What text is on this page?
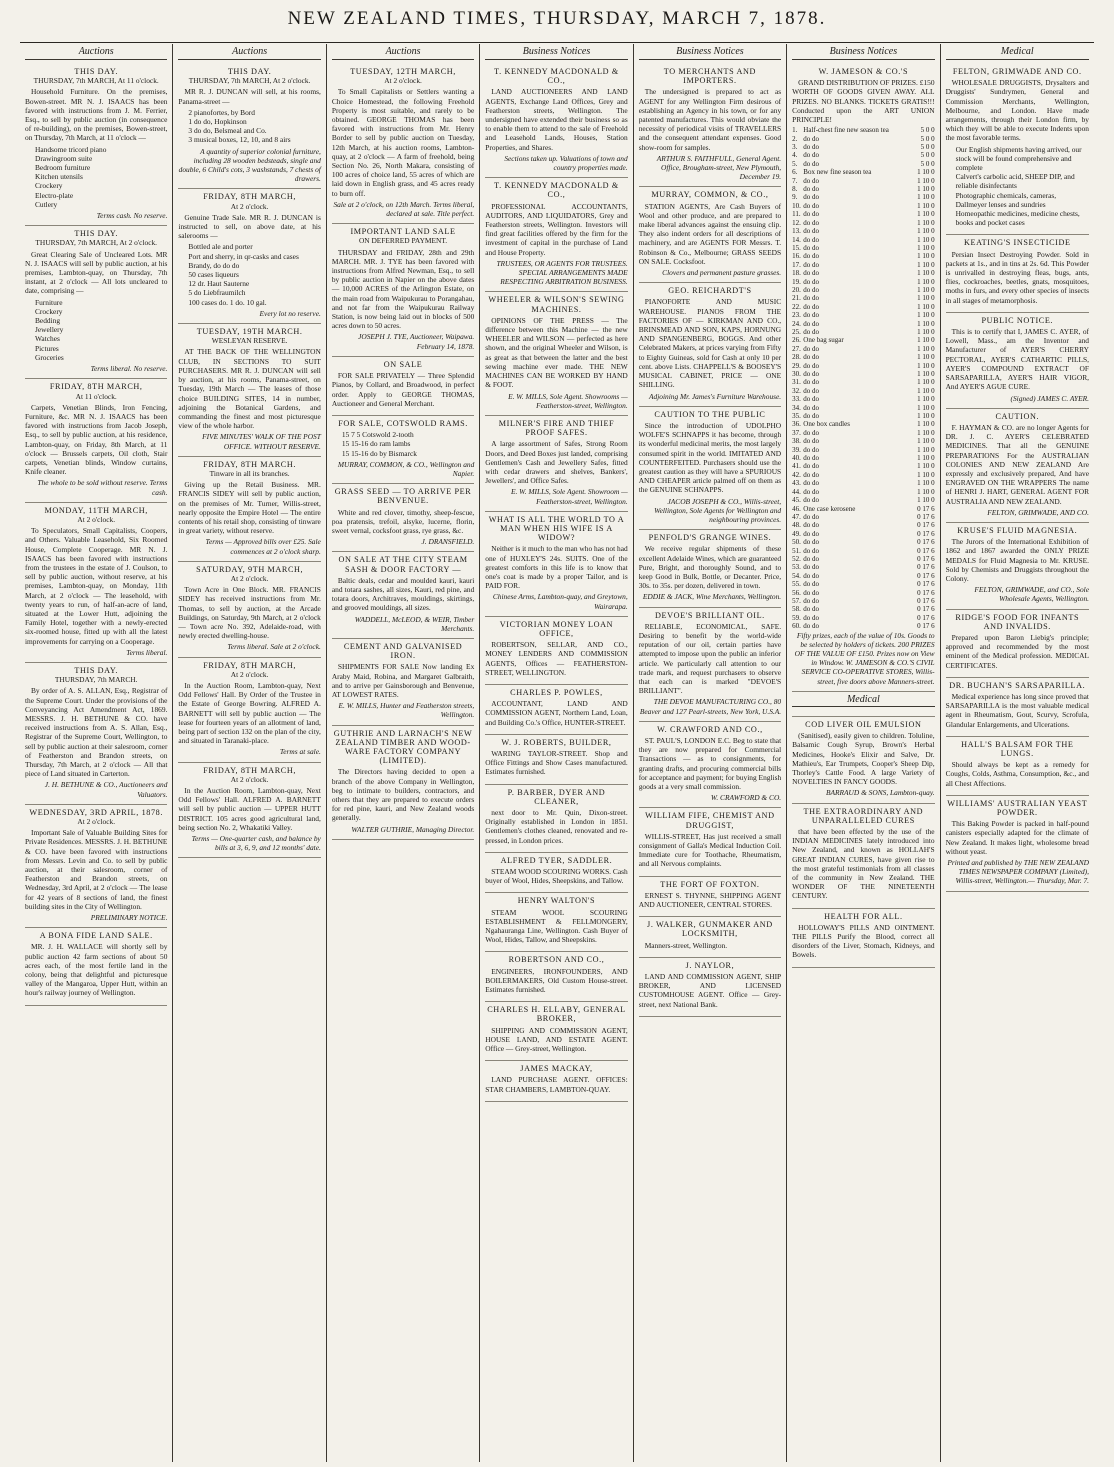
NEW ZEALAND TIMES, THURSDAY, MARCH 7, 1878.
Auctions
THIS DAY.
THURSDAY, 7th MARCH, At 11 o'clock.

Household Furniture. On the premises, Bowen-street. MR N. J. ISAACS has been favored with instructions from J. M. Ferrier, Esq., to sell by public auction (in consequence of re-building), on the premises, Bowen-street, on Thursday, 7th March, at 11 o'clock —

Handsome tricord piano
Drawingroom suite
Bedroom furniture
Kitchen utensils
Crockery
Electro-plate
Cutlery
Terms cash. No reserve.
THIS DAY.
THURSDAY, 7th MARCH, At 2 o'clock.

Great Clearing Sale of Uncleared Lots. MR N. J. ISAACS will sell by public auction, at his premises, Lambton-quay, on Thursday, 7th instant, at 2 o'clock — All lots uncleared to date, comprising —

Furniture
Crockery
Bedding
Jewellery
Watches
Pictures
Groceries
Terms liberal. No reserve.
FRIDAY, 8TH MARCH,
At 11 o'clock.

Carpets, Venetian Blinds, Iron Fencing, Furniture, &c. MR N. J. ISAACS has been favored with instructions from Jacob Joseph, Esq., to sell by public auction, at his residence, Lambton-quay, on Friday, 8th March, at 11 o'clock — Brussels carpets, Oil cloth, Stair carpets, Venetian blinds, Window curtains, Knife cleaner.

The whole to be sold without reserve. Terms cash.
MONDAY, 11TH MARCH,
At 2 o'clock.

To Speculators, Small Capitalists, Coopers, and Others. Valuable Leasehold, Six Roomed House, Complete Cooperage. MR N. J. ISAACS has been favored with instructions from the trustees in the estate of J. Coulson, to sell by public auction, without reserve, at his premises, Lambton-quay, on Monday, 11th March, at 2 o'clock — The leasehold, with twenty years to run, of half-an-acre of land, situated at the Lower Hutt, adjoining the Family Hotel, together with a newly-erected six-roomed house, fitted up with all the latest improvements for carrying on a Cooperage.

Terms liberal.
THIS DAY.
THURSDAY, 7th MARCH.

By order of A. S. ALLAN, Esq., Registrar of the Supreme Court. Under the provisions of the Conveyancing Act Amendment Act, 1869. MESSRS. J. H. BETHUNE & CO. have received instructions from A. S. Allan, Esq., Registrar of the Supreme Court, Wellington, to sell by public auction at their salesroom, corner of Featherston and Brandon streets, on Thursday, 7th March, at 2 o'clock — All that piece of Land situated in Carterton.

J. H. BETHUNE & CO., Auctioneers and Valuators.
WEDNESDAY, 3RD APRIL, 1878.
At 2 o'clock.

Important Sale of Valuable Building Sites for Private Residences. MESSRS. J. H. BETHUNE & CO. have been favored with instructions from Messrs. Levin and Co. to sell by public auction, at their salesroom, corner of Featherston and Brandon streets, on Wednesday, 3rd April, at 2 o'clock — The lease for 42 years of 8 sections of land, the finest building sites in the City of Wellington.

PRELIMINARY NOTICE.
A BONA FIDE LAND SALE.

MR. J. H. WALLACE will shortly sell by public auction 42 farm sections of about 50 acres each, of the most fertile land in the colony, being that delightful and picturesque valley of the Mangaroa, Upper Hutt, within an hour's railway journey of Wellington.

Auctions
THIS DAY.
THURSDAY, 7th MARCH, At 2 o'clock.

MR R. J. DUNCAN will sell, at his rooms, Panama-street —

2 pianofortes, by Bord
1 do do, Hopkinson
3 do do, Belsmeal and Co.
3 musical boxes, 12, 10, and 8 airs
A quantity of superior colonial furniture, including 28 wooden bedsteads, single and double, 6 Child's cots, 3 washstands, 7 chests of drawers.
FRIDAY, 8TH MARCH,
At 2 o'clock.

Genuine Trade Sale. MR R. J. DUNCAN is instructed to sell, on above date, at his salerooms —

Bottled ale and porter
Port and sherry, in qr-casks and cases
Brandy, do do do
50 cases liqueurs
12 dr. Haut Sauterne
5 do Liebfraumilch
100 cases do. 1 do. 10 gal.
Every lot no reserve.
TUESDAY, 19TH MARCH.
WESLEYAN RESERVE.

AT THE BACK OF THE WELLINGTON CLUB, IN SECTIONS TO SUIT PURCHASERS. MR R. J. DUNCAN will sell by auction, at his rooms, Panama-street, on Tuesday, 19th March — The leases of those choice BUILDING SITES, 14 in number, adjoining the Botanical Gardens, and commanding the finest and most picturesque view of the whole harbor.

FIVE MINUTES' WALK OF THE POST OFFICE. WITHOUT RESERVE.
FRIDAY, 8TH MARCH.
Tinware in all its branches.

Giving up the Retail Business. MR. FRANCIS SIDEY will sell by public auction, on the premises of Mr. Turner, Willis-street, nearly opposite the Empire Hotel — The entire contents of his retail shop, consisting of tinware in great variety, without reserve.

Terms — Approved bills over £25. Sale commences at 2 o'clock sharp.
SATURDAY, 9TH MARCH,
At 2 o'clock.

Town Acre in One Block. MR. FRANCIS SIDEY has received instructions from Mr. Thomas, to sell by auction, at the Arcade Buildings, on Saturday, 9th March, at 2 o'clock — Town acre No. 392, Adelaide-road, with newly erected dwelling-house.

Terms liberal. Sale at 2 o'clock.
FRIDAY, 8TH MARCH,
At 2 o'clock.

In the Auction Room, Lambton-quay, Next Odd Fellows' Hall. By Order of the Trustee in the Estate of George Bowring. ALFRED A. BARNETT will sell by public auction — The lease for fourteen years of an allotment of land, being part of section 132 on the plan of the city, and situated in Taranaki-place.

Terms at sale.
FRIDAY, 8TH MARCH,
At 2 o'clock.

In the Auction Room, Lambton-quay, Next Odd Fellows' Hall. ALFRED A. BARNETT will sell by public auction — UPPER HUTT DISTRICT. 105 acres good agricultural land, being section No. 2, Whakatiki Valley.

Terms — One-quarter cash, and balance by bills at 3, 6, 9, and 12 months' date.
Auctions
TUESDAY, 12TH MARCH,
At 2 o'clock.

To Small Capitalists or Settlers wanting a Choice Homestead, the following Freehold Property is most suitable, and rarely to be obtained. GEORGE THOMAS has been favored with instructions from Mr. Henry Border to sell by public auction on Tuesday, 12th March, at his auction rooms, Lambton-quay, at 2 o'clock — A farm of freehold, being Section No. 26, North Makara, consisting of 100 acres of choice land, 55 acres of which are laid down in English grass, and 45 acres ready to burn off.

Sale at 2 o'clock, on 12th March. Terms liberal, declared at sale. Title perfect.
IMPORTANT LAND SALE
ON DEFERRED PAYMENT.

THURSDAY and FRIDAY, 28th and 29th MARCH. MR. J. TYE has been favored with instructions from Alfred Newman, Esq., to sell by public auction in Napier on the above dates — 10,000 ACRES of the Arlington Estate, on the main road from Waipukurau to Porangahau, and not far from the Waipukurau Railway Station, is now being laid out in blocks of 500 acres down to 50 acres.

JOSEPH J. TYE, Auctioneer, Waipawa. February 14, 1878.
ON SALE

FOR SALE PRIVATELY — Three Splendid Pianos, by Collard, and Broadwood, in perfect order. Apply to GEORGE THOMAS, Auctioneer and General Merchant.

FOR SALE, COTSWOLD RAMS.
15 7 5 Cotswold 2-tooth
15 15-16 do ram lambs
15 15-16 do by Bismarck
MURRAY, COMMON, & CO., Wellington and Napier.
GRASS SEED — TO ARRIVE PER BENVENUE.

White and red clover, timothy, sheep-fescue, poa pratensis, trefoil, alsyke, lucerne, florin, sweet vernal, cocksfoot grass, rye grass, &c.

J. DRANSFIELD.
ON SALE AT THE CITY STEAM SASH & DOOR FACTORY —

Baltic deals, cedar and moulded kauri, kauri and totara sashes, all sizes, Kauri, red pine, and totara doors, Architraves, mouldings, skirtings, and grooved mouldings, all sizes.

WADDELL, McLEOD, & WEIR, Timber Merchants.
CEMENT AND GALVANISED IRON.

SHIPMENTS FOR SALE Now landing Ex Araby Maid, Robina, and Margaret Galbraith, and to arrive per Gainsborough and Benvenue, AT LOWEST RATES.

E. W. MILLS, Hunter and Featherston streets, Wellington.
GUTHRIE AND LARNACH'S NEW ZEALAND TIMBER AND WOOD-WARE FACTORY COMPANY (LIMITED).

The Directors having decided to open a branch of the above Company in Wellington, beg to intimate to builders, contractors, and others that they are prepared to execute orders for red pine, kauri, and New Zealand woods generally.

WALTER GUTHRIE, Managing Director.
Business Notices
T. KENNEDY MACDONALD & CO.,

LAND AUCTIONEERS AND LAND AGENTS, Exchange Land Offices, Grey and Featherston streets, Wellington. The undersigned have extended their business so as to enable them to attend to the sale of Freehold and Leasehold Lands, Houses, Station Properties, and Shares.

Sections taken up. Valuations of town and country properties made.
T. KENNEDY MACDONALD & CO.,

PROFESSIONAL ACCOUNTANTS, AUDITORS, AND LIQUIDATORS, Grey and Featherston streets, Wellington. Investors will find great facilities offered by the firm for the investment of capital in the purchase of Land and House Property.

TRUSTEES, OR AGENTS FOR TRUSTEES. SPECIAL ARRANGEMENTS MADE RESPECTING ARBITRATION BUSINESS.
WHEELER & WILSON'S SEWING MACHINES.

OPINIONS OF THE PRESS — The difference between this Machine — the new WHEELER and WILSON — perfected as here shown, and the original Wheeler and Wilson, is as great as that between the latter and the best sewing machine ever made. THE NEW MACHINES CAN BE WORKED BY HAND & FOOT.

E. W. MILLS, Sole Agent. Showrooms — Featherston-street, Wellington.
MILNER'S FIRE AND THIEF PROOF SAFES.

A large assortment of Safes, Strong Room Doors, and Deed Boxes just landed, comprising Gentlemen's Cash and Jewellery Safes, fitted with cedar drawers and shelves, Bankers', Jewellers', and Office Safes.

E. W. MILLS, Sole Agent. Showroom — Featherston-street, Wellington.
WHAT IS ALL THE WORLD TO A MAN WHEN HIS WIFE IS A WIDOW?

Neither is it much to the man who has not had one of HUXLEY'S 24s. SUITS. One of the greatest comforts in this life is to know that one's coat is made by a proper Tailor, and is PAID FOR.

Chinese Arms, Lambton-quay, and Greytown, Wairarapa.
VICTORIAN MONEY LOAN OFFICE,

ROBERTSON, SELLAR, AND CO., MONEY LENDERS AND COMMISSION AGENTS, Offices — FEATHERSTON-STREET, WELLINGTON.

CHARLES P. POWLES,

ACCOUNTANT, LAND AND COMMISSION AGENT, Northern Land, Loan, and Building Co.'s Office, HUNTER-STREET.

W. J. ROBERTS, BUILDER,

WARING TAYLOR-STREET. Shop and Office Fittings and Show Cases manufactured. Estimates furnished.

P. BARBER, DYER AND CLEANER,

next door to Mr. Quin, Dixon-street. Originally established in London in 1851. Gentlemen's clothes cleaned, renovated and re-pressed, in London prices.

ALFRED TYER, SADDLER.

STEAM WOOD SCOURING WORKS. Cash buyer of Wool, Hides, Sheepskins, and Tallow.

HENRY WALTON'S

STEAM WOOL SCOURING ESTABLISHMENT & FELLMONGERY, Ngahauranga Line, Wellington. Cash Buyer of Wool, Hides, Tallow, and Sheepskins.

ROBERTSON AND CO.,

ENGINEERS, IRONFOUNDERS, AND BOILERMAKERS, Old Custom House-street. Estimates furnished.

CHARLES H. ELLABY, GENERAL BROKER,

SHIPPING AND COMMISSION AGENT, HOUSE LAND, AND ESTATE AGENT. Office — Grey-street, Wellington.

JAMES MACKAY,

LAND PURCHASE AGENT. OFFICES: STAR CHAMBERS, LAMBTON-QUAY.

Business Notices
TO MERCHANTS AND IMPORTERS.

The undersigned is prepared to act as AGENT for any Wellington Firm desirous of establishing an Agency in his town, or for any patented manufactures. This would obviate the necessity of periodical visits of TRAVELLERS and the consequent attendant expenses. Good show-room for samples.

ARTHUR S. FAITHFULL, General Agent. Office, Brougham-street, New Plymouth, December 19.
MURRAY, COMMON, & CO.,

STATION AGENTS, Are Cash Buyers of Wool and other produce, and are prepared to make liberal advances against the ensuing clip. They also indent orders for all descriptions of machinery, and are AGENTS FOR Messrs. T. Robinson & Co., Melbourne; GRASS SEEDS ON SALE. Cocksfoot.

Clovers and permanent pasture grasses.
GEO. REICHARDT'S

PIANOFORTE AND MUSIC WAREHOUSE. PIANOS FROM THE FACTORIES OF — KIRKMAN AND CO., BRINSMEAD AND SON, KAPS, HORNUNG AND SPANGENBERG, BOGGS. And other Celebrated Makers, at prices varying from Fifty to Eighty Guineas, sold for Cash at only 10 per cent. above Lists. CHAPPELL'S & BOOSEY'S MUSICAL CABINET, PRICE — ONE SHILLING.

Adjoining Mr. James's Furniture Warehouse.
CAUTION TO THE PUBLIC

Since the introduction of UDOLPHO WOLFE'S SCHNAPPS it has become, through its wonderful medicinal merits, the most largely consumed spirit in the world. IMITATED AND COUNTERFEITED. Purchasers should use the greatest caution as they will have a SPURIOUS AND CHEAPER article palmed off on them as the GENUINE SCHNAPPS.

JACOB JOSEPH & CO., Willis-street, Wellington, Sole Agents for Wellington and neighbouring provinces.
PENFOLD'S GRANGE WINES.

We receive regular shipments of these excellent Adelaide Wines, which are guaranteed Pure, Bright, and thoroughly Sound, and to keep Good in Bulk, Bottle, or Decanter. Price, 30s. to 35s. per dozen, delivered in town.

EDDIE & JACK, Wine Merchants, Wellington.
DEVOE'S BRILLIANT OIL.

RELIABLE, ECONOMICAL, SAFE. Desiring to benefit by the world-wide reputation of our oil, certain parties have attempted to impose upon the public an inferior article. We particularly call attention to our trade mark, and request purchasers to observe that each can is marked "DEVOE'S BRILLIANT".

THE DEVOE MANUFACTURING CO., 80 Beaver and 127 Pearl-streets, New York, U.S.A.
W. CRAWFORD AND CO.,

ST. PAUL'S, LONDON E.C. Beg to state that they are now prepared for Commercial Transactions — as to consignments, for granting drafts, and procuring commercial bills for acceptance and payment; for buying English goods at a very small commission.

W. CRAWFORD & CO.
WILLIAM FIFE, CHEMIST AND DRUGGIST,

WILLIS-STREET, Has just received a small consignment of Galla's Medical Induction Coil. Immediate cure for Toothache, Rheumatism, and all Nervous complaints.

THE FORT OF FOXTON.

ERNEST S. THYNNE, SHIPPING AGENT AND AUCTIONEER, CENTRAL STORES.

J. WALKER, GUNMAKER AND LOCKSMITH,

Manners-street, Wellington.

J. NAYLOR,

LAND AND COMMISSION AGENT, SHIP BROKER, AND LICENSED CUSTOMHOUSE AGENT. Office — Grey-street, next National Bank.

Business Notices
W. JAMESON & CO.'S

GRAND DISTRIBUTION OF PRIZES. £150 WORTH OF GOODS GIVEN AWAY. ALL PRIZES. NO BLANKS. TICKETS GRATIS!!! Conducted upon the ART UNION PRINCIPLE!

1.	Half-chest fine new season tea	5 0 0
2.	do do	5 0 0
3.	do do	5 0 0
4.	do do	5 0 0
5.	do do	5 0 0
6.	Box new fine season tea	1 10 0
7.	do do	1 10 0
8.	do do	1 10 0
9.	do do	1 10 0
10.	do do	1 10 0
11.	do do	1 10 0
12.	do do	1 10 0
13.	do do	1 10 0
14.	do do	1 10 0
15.	do do	1 10 0
16.	do do	1 10 0
17.	do do	1 10 0
18.	do do	1 10 0
19.	do do	1 10 0
20.	do do	1 10 0
21.	do do	1 10 0
22.	do do	1 10 0
23.	do do	1 10 0
24.	do do	1 10 0
25.	do do	1 10 0
26.	One bag sugar	1 10 0
27.	do do	1 10 0
28.	do do	1 10 0
29.	do do	1 10 0
30.	do do	1 10 0
31.	do do	1 10 0
32.	do do	1 10 0
33.	do do	1 10 0
34.	do do	1 10 0
35.	do do	1 10 0
36.	One box candles	1 10 0
37.	do do	1 10 0
38.	do do	1 10 0
39.	do do	1 10 0
40.	do do	1 10 0
41.	do do	1 10 0
42.	do do	1 10 0
43.	do do	1 10 0
44.	do do	1 10 0
45.	do do	1 10 0
46.	One case kerosene	0 17 6
47.	do do	0 17 6
48.	do do	0 17 6
49.	do do	0 17 6
50.	do do	0 17 6
51.	do do	0 17 6
52.	do do	0 17 6
53.	do do	0 17 6
54.	do do	0 17 6
55.	do do	0 17 6
56.	do do	0 17 6
57.	do do	0 17 6
58.	do do	0 17 6
59.	do do	0 17 6
60.	do do	0 17 6
Fifty prizes, each of the value of 10s. Goods to be selected by holders of tickets. 200 PRIZES OF THE VALUE OF £150. Prizes now on View in Window. W. JAMESON & CO.'S CIVIL SERVICE CO-OPERATIVE STORES, Willis-street, five doors above Manners-street.
Medical
COD LIVER OIL EMULSION

(Sanitised), easily given to children. Toluline, Balsamic Cough Syrup, Brown's Herbal Medicines, Hooke's Elixir and Salve, Dr. Mathieu's, Ear Trumpets, Cooper's Sheep Dip, Thorley's Cattle Food. A large Variety of NOVELTIES IN FANCY GOODS.

BARRAUD & SONS, Lambton-quay.
THE EXTRAORDINARY AND UNPARALLELED CURES

that have been effected by the use of the INDIAN MEDICINES lately introduced into New Zealand, and known as HOLLAH'S GREAT INDIAN CURES, have given rise to the most grateful testimonials from all classes of the community in New Zealand. THE WONDER OF THE NINETEENTH CENTURY.

HEALTH FOR ALL.

HOLLOWAY'S PILLS AND OINTMENT. THE PILLS Purify the Blood, correct all disorders of the Liver, Stomach, Kidneys, and Bowels.

Medical
FELTON, GRIMWADE AND CO.

WHOLESALE DRUGGISTS, Drysalters and Druggists' Sundrymen, General and Commission Merchants, Wellington, Melbourne, and London. Have made arrangements, through their London firm, by which they will be able to execute Indents upon the most favorable terms.

Our English shipments having arrived, our stock will be found comprehensive and complete
Calvert's carbolic acid, SHEEP DIP, and reliable disinfectants
Photographic chemicals, cameras, Dallmeyer lenses and sundries
Homeopathic medicines, medicine chests, books and pocket cases
KEATING'S INSECTICIDE

Persian Insect Destroying Powder. Sold in packets at 1s., and in tins at 2s. 6d. This Powder is unrivalled in destroying fleas, bugs, ants, flies, cockroaches, beetles, gnats, mosquitoes, moths in furs, and every other species of insects in all stages of metamorphosis.

PUBLIC NOTICE.

This is to certify that I, JAMES C. AYER, of Lowell, Mass., am the Inventor and Manufacturer of AYER'S CHERRY PECTORAL, AYER'S CATHARTIC PILLS, AYER'S COMPOUND EXTRACT OF SARSAPARILLA, AYER'S HAIR VIGOR, And AYER'S AGUE CURE.

(Signed) JAMES C. AYER.
CAUTION.

F. HAYMAN & CO. are no longer Agents for DR. J. C. AYER'S CELEBRATED MEDICINES. That all the GENUINE PREPARATIONS For the AUSTRALIAN COLONIES AND NEW ZEALAND Are expressly and exclusively prepared, And have ENGRAVED ON THE WRAPPERS The name of HENRI J. HART, GENERAL AGENT FOR AUSTRALIA AND NEW ZEALAND.

FELTON, GRIMWADE, AND CO.
KRUSE'S FLUID MAGNESIA.

The Jurors of the International Exhibition of 1862 and 1867 awarded the ONLY PRIZE MEDALS for Fluid Magnesia to Mr. KRUSE. Sold by Chemists and Druggists throughout the Colony.

FELTON, GRIMWADE, and CO., Sole Wholesale Agents, Wellington.
RIDGE'S FOOD FOR INFANTS AND INVALIDS.

Prepared upon Baron Liebig's principle; approved and recommended by the most eminent of the Medical profession. MEDICAL CERTIFICATES.

DR. BUCHAN'S SARSAPARILLA.

Medical experience has long since proved that SARSAPARILLA is the most valuable medical agent in Rheumatism, Gout, Scurvy, Scrofula, Glandular Enlargements, and Ulcerations.

HALL'S BALSAM FOR THE LUNGS.

Should always be kept as a remedy for Coughs, Colds, Asthma, Consumption, &c., and all Chest Affections.

WILLIAMS' AUSTRALIAN YEAST POWDER.

This Baking Powder is packed in half-pound canisters especially adapted for the climate of New Zealand. It makes light, wholesome bread without yeast.

Printed and published by THE NEW ZEALAND TIMES NEWSPAPER COMPANY (Limited), Willis-street, Wellington.— Thursday, Mar. 7.
